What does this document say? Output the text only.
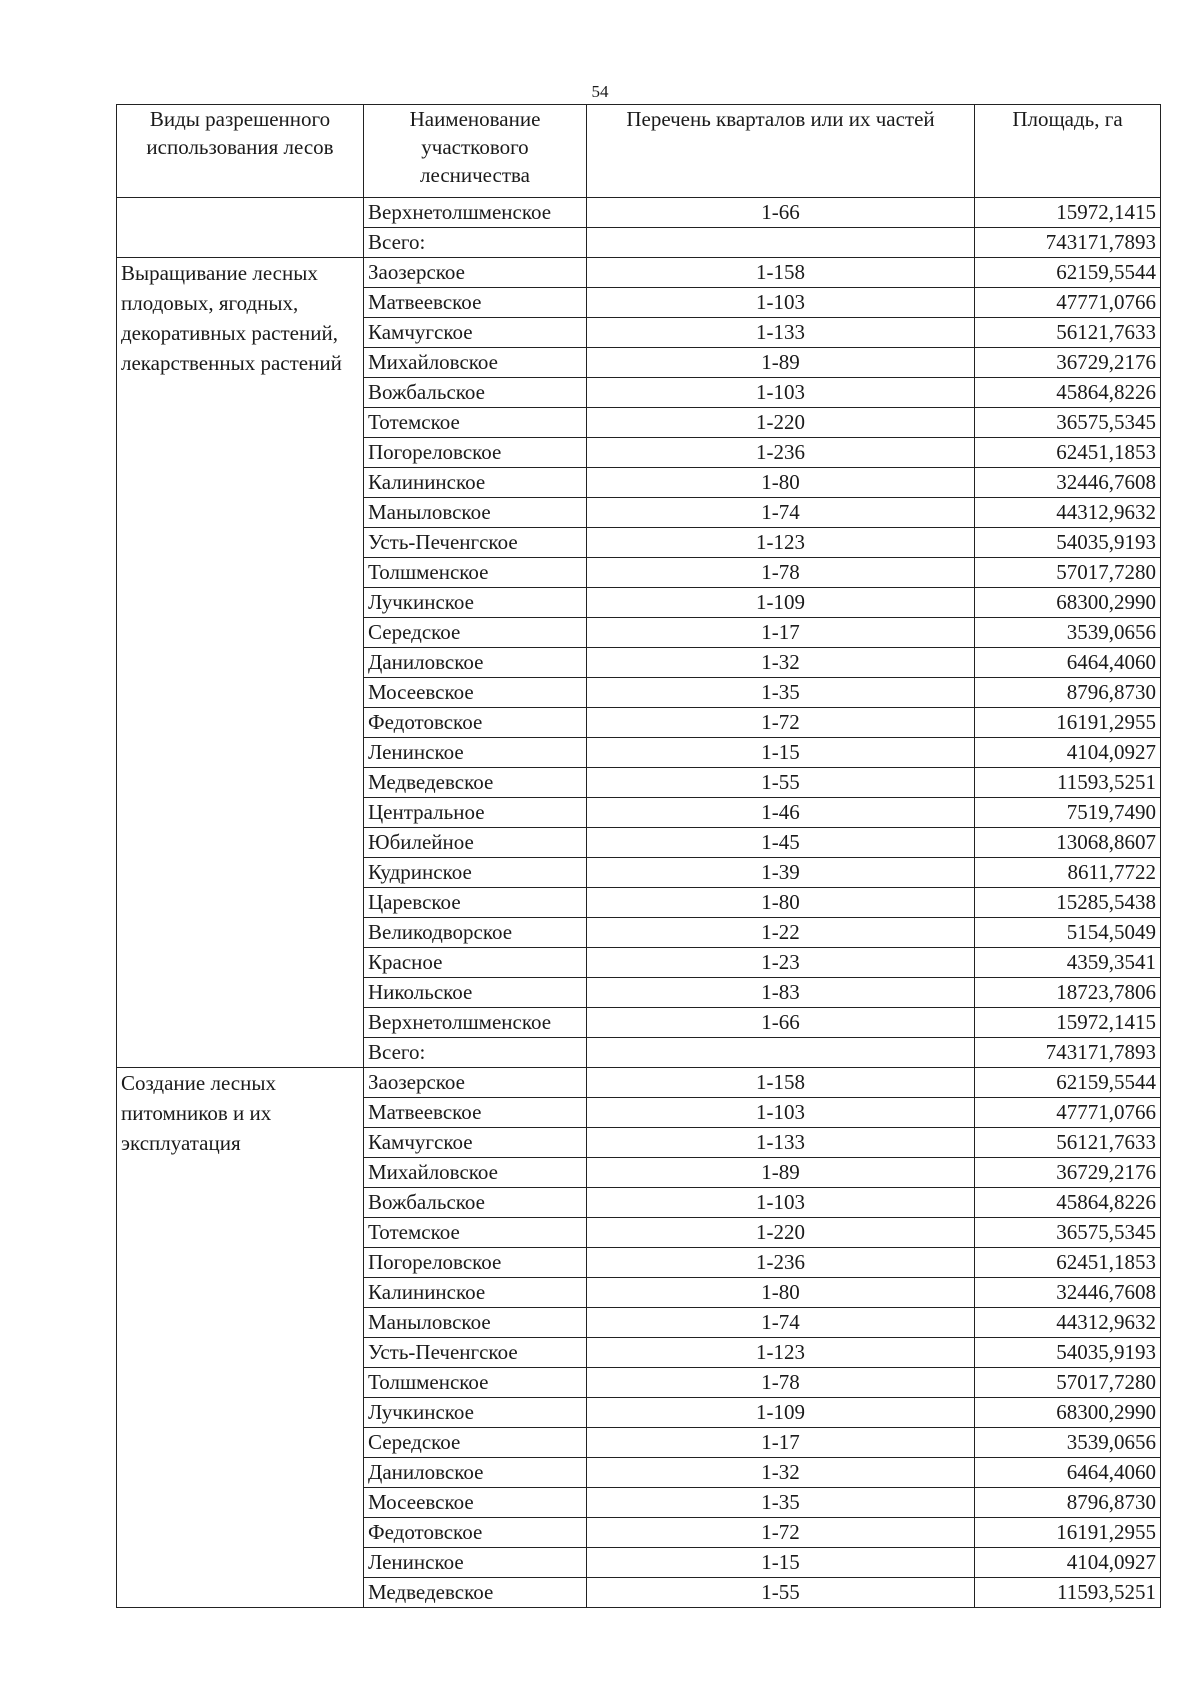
54
Виды разрешенного использования лесов	Наименование участкового лесничества	Перечень кварталов или их частей	Площадь, га
	Верхнетолшменское	1-66	15972,1415
	Всего:		743171,7893
Выращивание лесных плодовых, ягодных, декоративных растений, лекарственных растений	Заозерское	1-158	62159,5544
	Матвеевское	1-103	47771,0766
	Камчугское	1-133	56121,7633
	Михайловское	1-89	36729,2176
	Вожбальское	1-103	45864,8226
	Тотемское	1-220	36575,5345
	Погореловское	1-236	62451,1853
	Калининское	1-80	32446,7608
	Маныловское	1-74	44312,9632
	Усть-Печенгское	1-123	54035,9193
	Толшменское	1-78	57017,7280
	Лучкинское	1-109	68300,2990
	Середское	1-17	3539,0656
	Даниловское	1-32	6464,4060
	Мосеевское	1-35	8796,8730
	Федотовское	1-72	16191,2955
	Ленинское	1-15	4104,0927
	Медведевское	1-55	11593,5251
	Центральное	1-46	7519,7490
	Юбилейное	1-45	13068,8607
	Кудринское	1-39	8611,7722
	Царевское	1-80	15285,5438
	Великодворское	1-22	5154,5049
	Красное	1-23	4359,3541
	Никольское	1-83	18723,7806
	Верхнетолшменское	1-66	15972,1415
	Всего:		743171,7893
Создание лесных питомников и их эксплуатация	Заозерское	1-158	62159,5544
	Матвеевское	1-103	47771,0766
	Камчугское	1-133	56121,7633
	Михайловское	1-89	36729,2176
	Вожбальское	1-103	45864,8226
	Тотемское	1-220	36575,5345
	Погореловское	1-236	62451,1853
	Калининское	1-80	32446,7608
	Маныловское	1-74	44312,9632
	Усть-Печенгское	1-123	54035,9193
	Толшменское	1-78	57017,7280
	Лучкинское	1-109	68300,2990
	Середское	1-17	3539,0656
	Даниловское	1-32	6464,4060
	Мосеевское	1-35	8796,8730
	Федотовское	1-72	16191,2955
	Ленинское	1-15	4104,0927
	Медведевское	1-55	11593,5251
